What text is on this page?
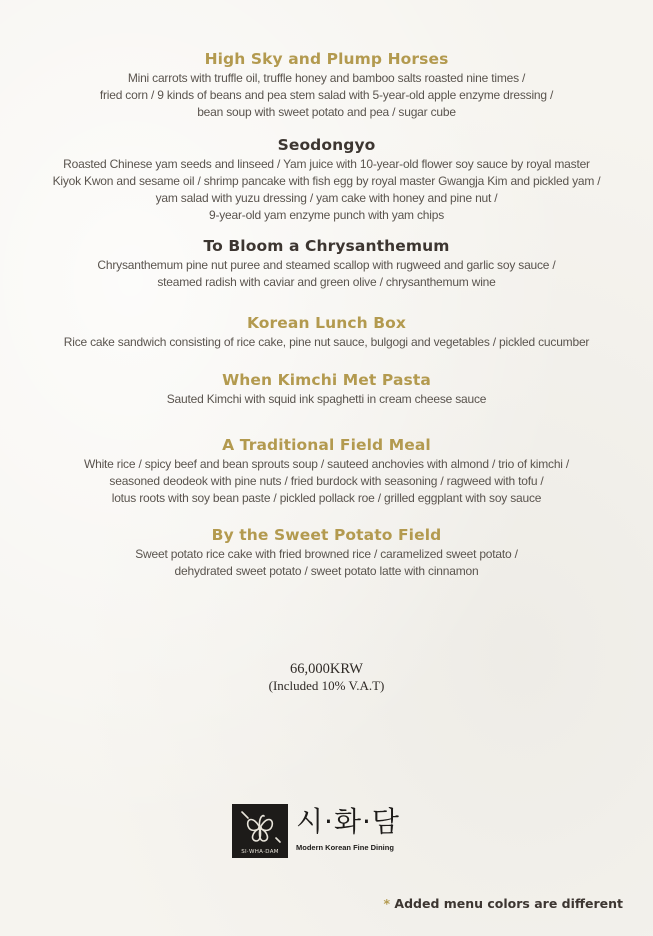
High Sky and Plump Horses
Mini carrots with truffle oil, truffle honey and bamboo salts roasted nine times /
fried corn / 9 kinds of beans and pea stem salad with 5-year-old apple enzyme dressing /
bean soup with sweet potato and pea / sugar cube
Seodongyo
Roasted Chinese yam seeds and linseed / Yam juice with 10-year-old flower soy sauce by royal master
Kiyok Kwon and sesame oil / shrimp pancake with fish egg by royal master Gwangja Kim and pickled yam /
yam salad with yuzu dressing / yam cake with honey and pine nut /
9-year-old yam enzyme punch with yam chips
To Bloom a Chrysanthemum
Chrysanthemum pine nut puree and steamed scallop with rugweed and garlic soy sauce /
steamed radish with caviar and green olive / chrysanthemum wine
Korean Lunch Box
Rice cake sandwich consisting of rice cake, pine nut sauce, bulgogi and vegetables / pickled cucumber
When Kimchi Met Pasta
Sauted Kimchi with squid ink spaghetti in cream cheese sauce
A Traditional Field Meal
White rice / spicy beef and bean sprouts soup / sauteed anchovies with almond / trio of kimchi /
seasoned deodeok with pine nuts / fried burdock with seasoning / ragweed with tofu /
lotus roots with soy bean paste / pickled pollack roe / grilled eggplant with soy sauce
By the Sweet Potato Field
Sweet potato rice cake with fried browned rice / caramelized sweet potato /
dehydrated sweet potato / sweet potato latte with cinnamon
66,000KRW
(Included 10% V.A.T)
SI·WHA·DAM
시·화·담
Modern Korean Fine Dining
* Added menu colors are different
